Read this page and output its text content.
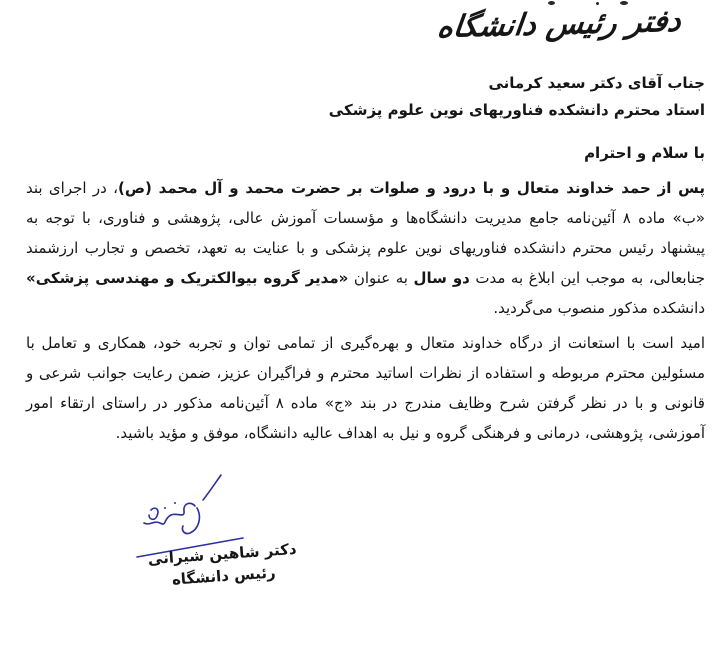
دفتر رئیس دانشگاه
جناب آقای دکتر سعید کرمانی
استاد محترم دانشکده فناوریهای نوین علوم پزشکی
با سلام و احترام

پس از حمد خداوند متعال و با درود و صلوات بر حضرت محمد و آل محمد (ص)، در اجرای بند «ب» ماده ۸ آئین‌نامه جامع مدیریت دانشگاه‌ها و مؤسسات آموزش عالی، پژوهشی و فناوری، با توجه به پیشنهاد رئیس محترم دانشکده فناوریهای نوین علوم پزشکی و با عنایت به تعهد، تخصص و تجارب ارزشمند جنابعالی، به موجب این ابلاغ به مدت دو سال به عنوان «مدیر گروه بیوالکتریک و مهندسی پزشکی» دانشکده مذکور منصوب می‌گردید.

امید است با استعانت از درگاه خداوند متعال و بهره‌گیری از تمامی توان و تجربه خود، همکاری و تعامل با مسئولین محترم مربوطه و استفاده از نظرات اساتید محترم و فراگیران عزیز، ضمن رعایت جوانب شرعی و قانونی و با در نظر گرفتن شرح وظایف مندرج در بند «ج» ماده ۸ آئین‌نامه مذکور در راستای ارتقاء امور آموزشی، پژوهشی، درمانی و فرهنگی گروه و نیل به اهداف عالیه دانشگاه، موفق و مؤید باشید.

دکتر شاهین شیرانی
رئیس دانشگاه
